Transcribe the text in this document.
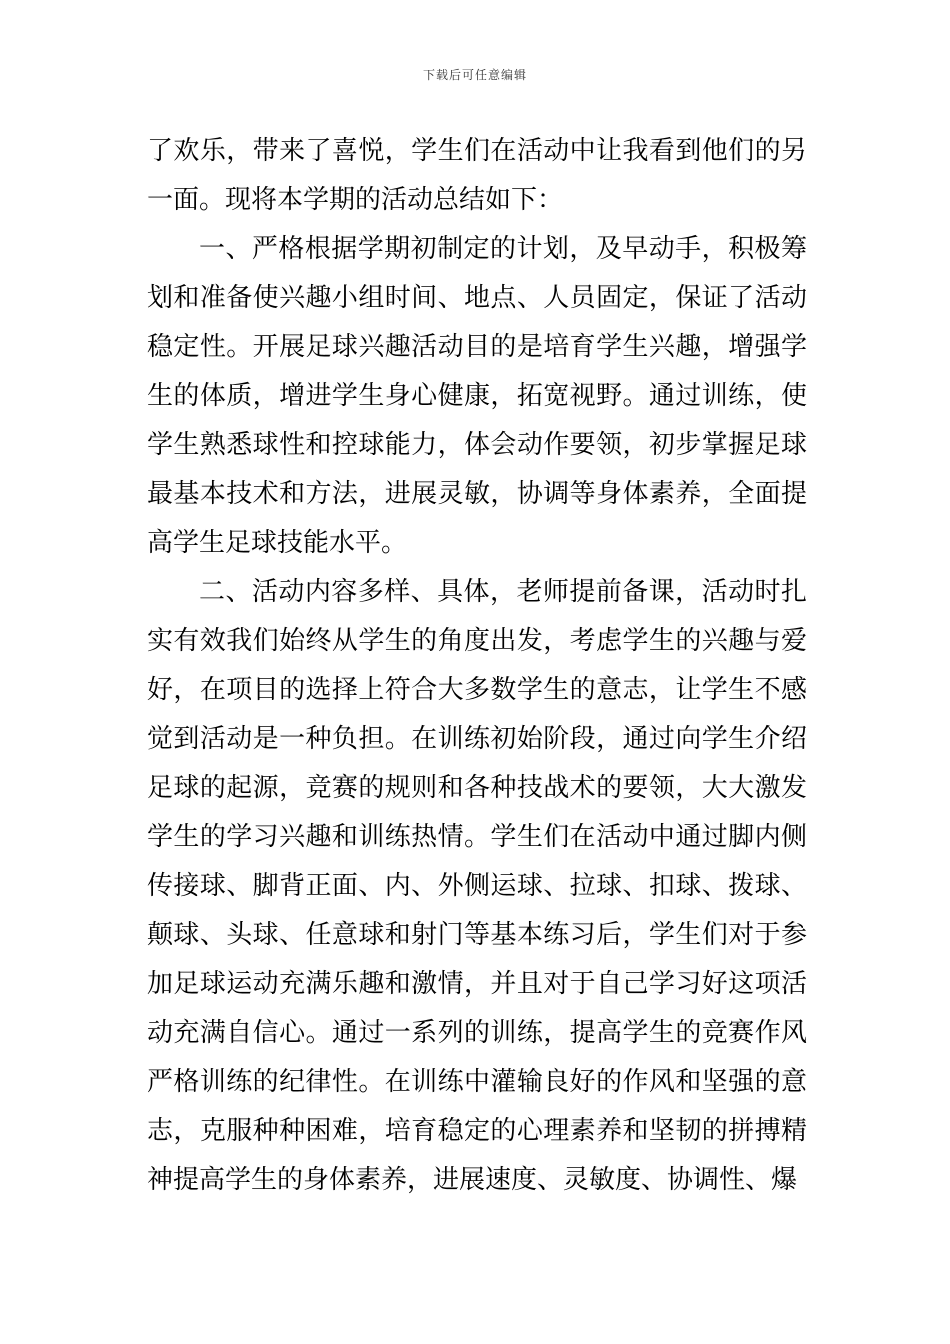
下载后可任意编辑

了欢乐，带来了喜悦，学生们在活动中让我看到他们的另一面。现将本学期的活动总结如下：

一、严格根据学期初制定的计划，及早动手，积极筹划和准备使兴趣小组时间、地点、人员固定，保证了活动稳定性。开展足球兴趣活动目的是培育学生兴趣，增强学生的体质，增进学生身心健康，拓宽视野。通过训练，使学生熟悉球性和控球能力，体会动作要领，初步掌握足球最基本技术和方法，进展灵敏，协调等身体素养，全面提高学生足球技能水平。

二、活动内容多样、具体，老师提前备课，活动时扎实有效我们始终从学生的角度出发，考虑学生的兴趣与爱好，在项目的选择上符合大多数学生的意志，让学生不感觉到活动是一种负担。在训练初始阶段，通过向学生介绍足球的起源，竞赛的规则和各种技战术的要领，大大激发学生的学习兴趣和训练热情。学生们在活动中通过脚内侧传接球、脚背正面、内、外侧运球、拉球、扣球、拨球、颠球、头球、任意球和射门等基本练习后，学生们对于参加足球运动充满乐趣和激情，并且对于自己学习好这项活动充满自信心。通过一系列的训练，提高学生的竞赛作风严格训练的纪律性。在训练中灌输良好的作风和坚强的意志，克服种种困难，培育稳定的心理素养和坚韧的拼搏精神提高学生的身体素养，进展速度、灵敏度、协调性、爆
